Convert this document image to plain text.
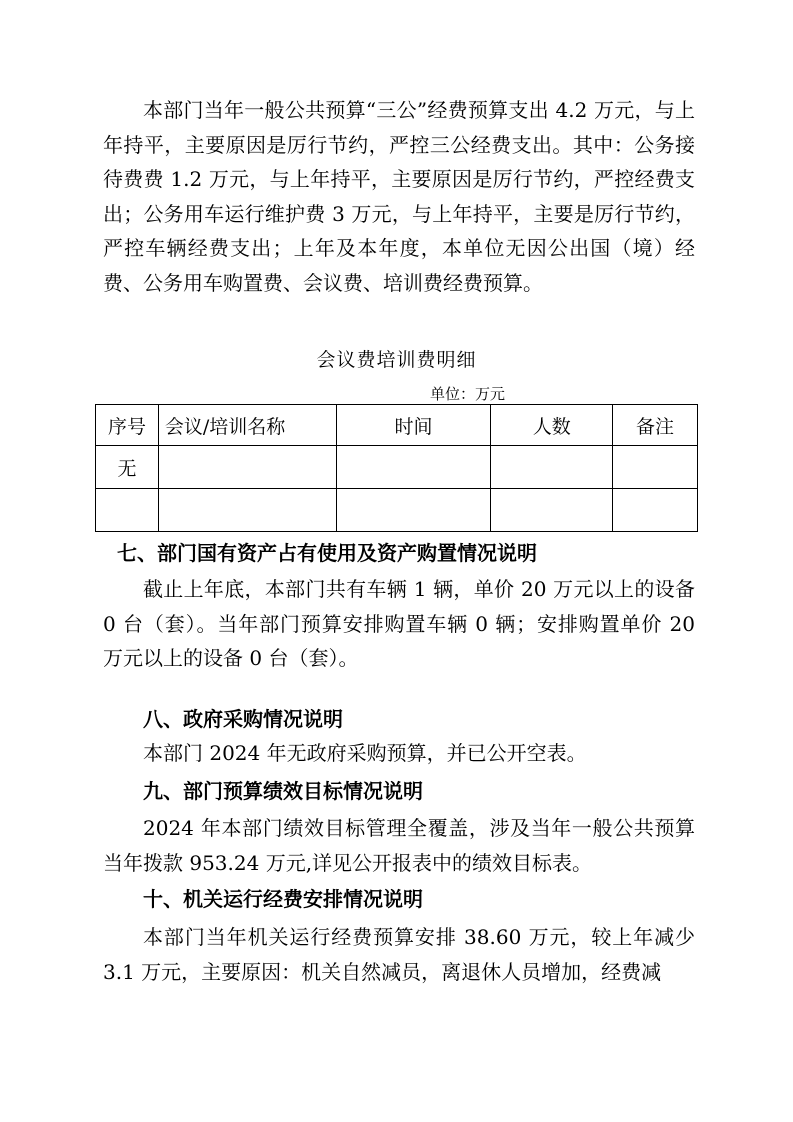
本部门当年一般公共预算“三公”经费预算支出 4.2 万元，与上年持平，主要原因是厉行节约，严控三公经费支出。其中：公务接待费费 1.2 万元，与上年持平，主要原因是厉行节约，严控经费支出；公务用车运行维护费 3 万元，与上年持平，主要是厉行节约，严控车辆经费支出；上年及本年度，本单位无因公出国（境）经费、公务用车购置费、会议费、培训费经费预算。
会议费培训费明细
单位：万元
序号	会议/培训名称	时间	人数	备注
无				

七、部门国有资产占有使用及资产购置情况说明
截止上年底，本部门共有车辆 1 辆，单价 20 万元以上的设备 0 台（套）。当年部门预算安排购置车辆 0 辆；安排购置单价 20 万元以上的设备 0 台（套）。
八、政府采购情况说明
本部门 2024 年无政府采购预算，并已公开空表。
九、部门预算绩效目标情况说明
2024 年本部门绩效目标管理全覆盖，涉及当年一般公共预算当年拨款 953.24 万元,详见公开报表中的绩效目标表。
十、机关运行经费安排情况说明
本部门当年机关运行经费预算安排 38.60 万元，较上年减少 3.1 万元，主要原因：机关自然减员，离退休人员增加，经费减
